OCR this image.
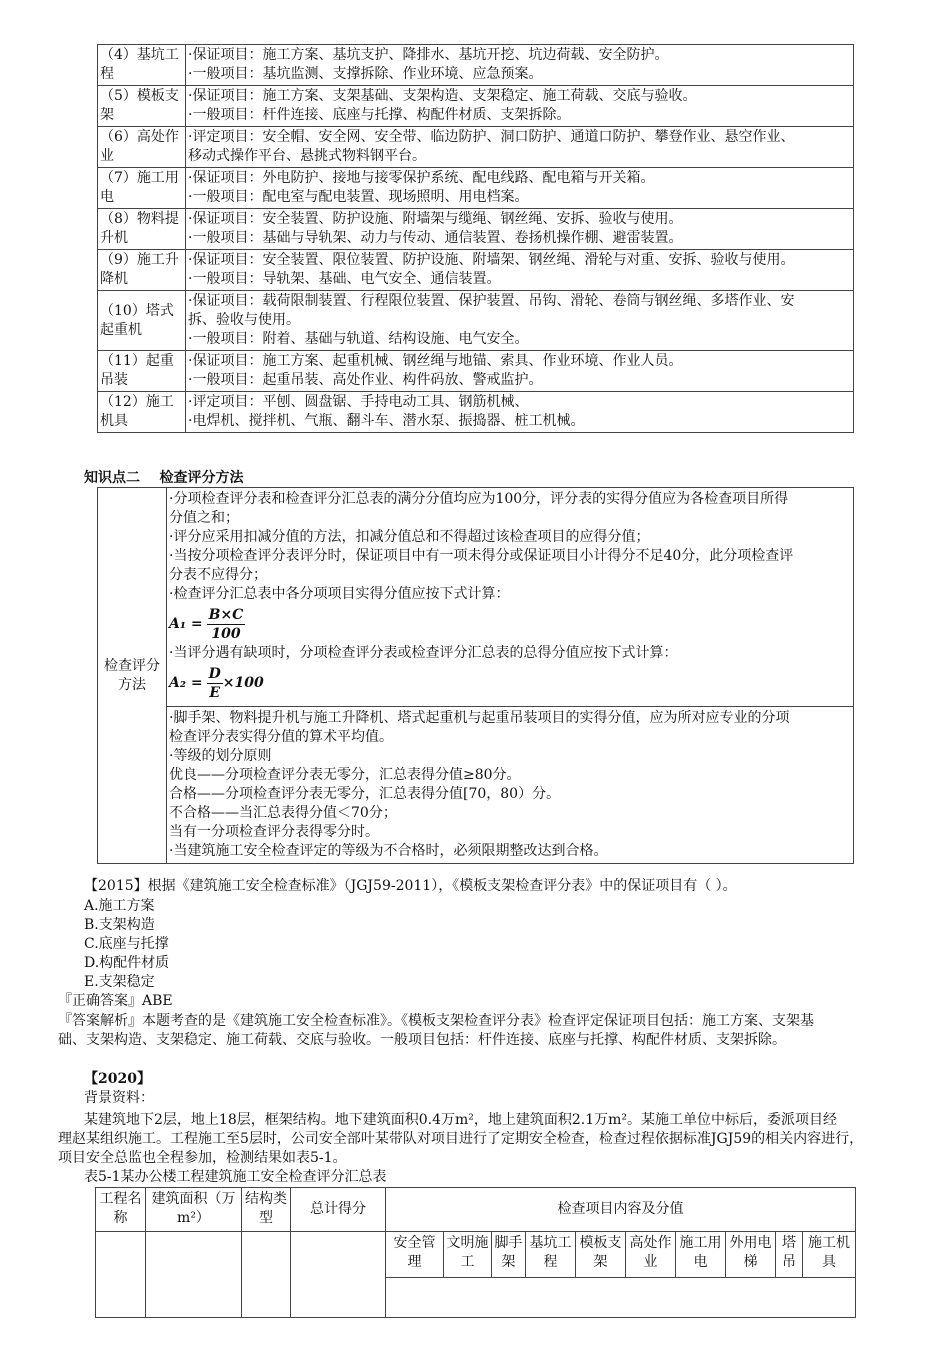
（4）基坑工程	·保证项目：施工方案、基坑支护、降排水、基坑开挖、坑边荷载、安全防护。
·一般项目：基坑监测、支撑拆除、作业环境、应急预案。

（5）模板支架	·保证项目：施工方案、支架基础、支架构造、支架稳定、施工荷载、交底与验收。
·一般项目：杆件连接、底座与托撑、构配件材质、支架拆除。

（6）高处作业	·评定项目：安全帽、安全网、安全带、临边防护、洞口防护、通道口防护、攀登作业、悬空作业、
移动式操作平台、悬挑式物料钢平台。

（7）施工用电	·保证项目：外电防护、接地与接零保护系统、配电线路、配电箱与开关箱。
·一般项目：配电室与配电装置、现场照明、用电档案。

（8）物料提升机	·保证项目：安全装置、防护设施、附墙架与缆绳、钢丝绳、安拆、验收与使用。
·一般项目：基础与导轨架、动力与传动、通信装置、卷扬机操作棚、避雷装置。

（9）施工升降机	·保证项目：安全装置、限位装置、防护设施、附墙架、钢丝绳、滑轮与对重、安拆、验收与使用。
·一般项目：导轨架、基础、电气安全、通信装置。

（10）塔式起重机	·保证项目：载荷限制装置、行程限位装置、保护装置、吊钩、滑轮、卷筒与钢丝绳、多塔作业、安
拆、验收与使用。
·一般项目：附着、基础与轨道、结构设施、电气安全。

（11）起重吊装	·保证项目：施工方案、起重机械、钢丝绳与地锚、索具、作业环境、作业人员。
·一般项目：起重吊装、高处作业、构件码放、警戒监护。

（12）施工机具	·评定项目：平刨、圆盘锯、手持电动工具、钢筋机械、
·电焊机、搅拌机、气瓶、翻斗车、潜水泵、振捣器、桩工机械。
知识点二    检查评分方法
检查评分方法	
·分项检查评分表和检查评分汇总表的满分分值均应为100分，评分表的实得分值应为各检查项目所得
分值之和；
·评分应采用扣减分值的方法，扣减分值总和不得超过该检查项目的应得分值；
·当按分项检查评分表评分时，保证项目中有一项未得分或保证项目小计得分不足40分，此分项检查评
分表不应得分；
·检查评分汇总表中各分项项目实得分值应按下式计算：
$A_1 = \frac{B\times C}{100}$
·当评分遇有缺项时，分项检查评分表或检查评分汇总表的总得分值应按下式计算：
$A_2 = \frac{D}{E} \times 100$

·脚手架、物料提升机与施工升降机、塔式起重机与起重吊装项目的实得分值，应为所对应专业的分项
检查评分表实得分值的算术平均值。
·等级的划分原则
优良——分项检查评分表无零分，汇总表得分值≥80分。
合格——分项检查评分表无零分，汇总表得分值[70，80）分。
不合格——当汇总表得分值＜70分；
当有一分项检查评分表得零分时。
·当建筑施工安全检查评定的等级为不合格时，必须限期整改达到合格。
【2015】根据《建筑施工安全检查标准》（JGJ59-2011），《模板支架检查评分表》中的保证项目有（ ）。
A.施工方案
B.支架构造
C.底座与托撑
D.构配件材质
E.支架稳定
『正确答案』ABE
『答案解析』本题考查的是《建筑施工安全检查标准》。《模板支架检查评分表》检查评定保证项目包括：施工方案、支架基
础、支架构造、支架稳定、施工荷载、交底与验收。一般项目包括：杆件连接、底座与托撑、构配件材质、支架拆除。
【2020】
背景资料：
某建筑地下2层，地上18层，框架结构。地下建筑面积0.4万m²，地上建筑面积2.1万m²。某施工单位中标后，委派项目经
理赵某组织施工。工程施工至5层时，公司安全部叶某带队对项目进行了定期安全检查，检查过程依据标准JGJ59的相关内容进行，
项目安全总监也全程参加，检测结果如表5-1。
表5-1某办公楼工程建筑施工安全检查评分汇总表
工程名称	建筑面积（万m²）	结构类型	总计得分	检查项目内容及分值									
				安全管理	文明施工	脚手架	基坑工程	模板支架	高处作业	施工用电	外用电梯	塔吊	施工机具
